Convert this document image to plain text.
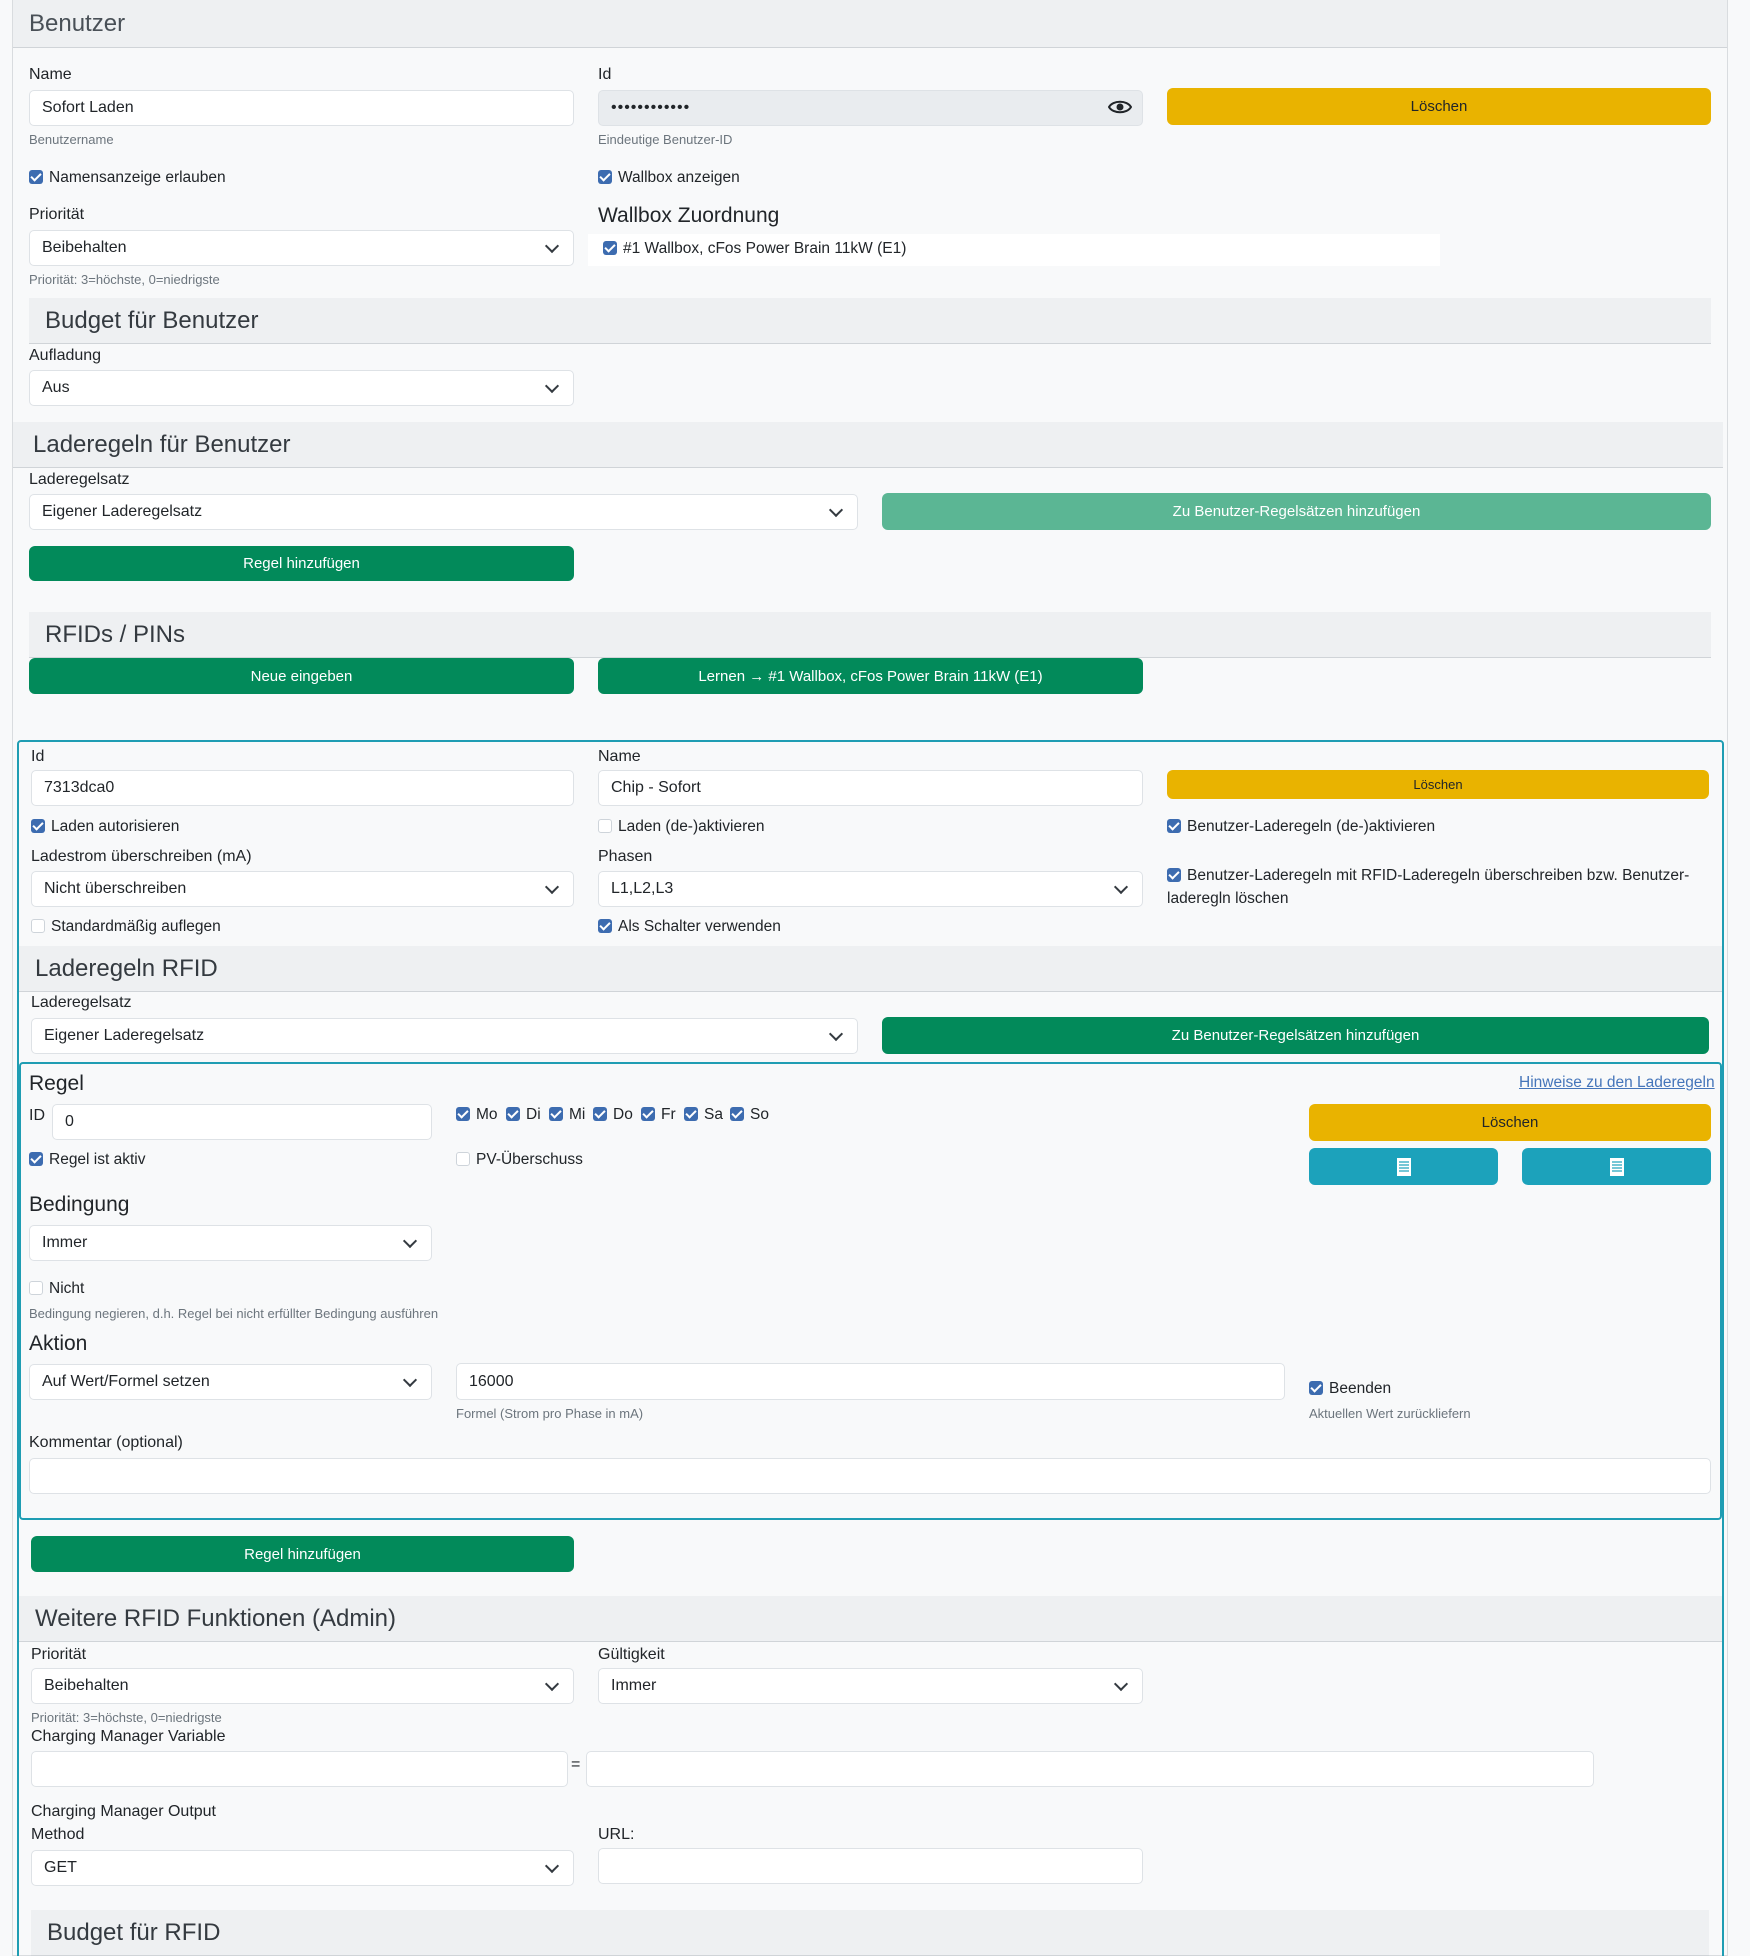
Benutzer
Name
Sofort Laden
Benutzername
Id
••••••••••••
Eindeutige Benutzer-ID
Löschen
Namensanzeige erlauben	Wallbox anzeigen
Priorität
Beibehalten
Priorität: 3=höchste, 0=niedrigste
Wallbox Zuordnung
#1 Wallbox, cFos Power Brain 11kW (E1)
Budget für Benutzer
Aufladung
Aus
Laderegeln für Benutzer
Laderegelsatz
Eigener Laderegelsatz	Zu Benutzer-Regelsätzen hinzufügen
Regel hinzufügen
RFIDs / PINs
Neue eingeben	Lernen → #1 Wallbox, cFos Power Brain 11kW (E1)
Id
7313dca0
Name
Chip - Sofort	Löschen
Laden autorisieren	Laden (de-)aktivieren	Benutzer-Laderegeln (de-)aktivieren
Ladestrom überschreiben (mA)
Nicht überschreiben
Phasen
L1,L2,L3
Benutzer-Laderegeln mit RFID-Laderegeln überschreiben bzw. Benutzer-laderegln löschen
Standardmäßig auflegen	Als Schalter verwenden
Laderegeln RFID
Laderegelsatz
Eigener Laderegelsatz	Zu Benutzer-Regelsätzen hinzufügen
Regel	Hinweise zu den Laderegeln
ID	0	Mo	Di	Mi	Do	Fr	Sa	So	Löschen
Regel ist aktiv	PV-Überschuss
Bedingung
Immer
Nicht
Bedingung negieren, d.h. Regel bei nicht erfüllter Bedingung ausführen
Aktion
Auf Wert/Formel setzen	16000
Formel (Strom pro Phase in mA)
Beenden
Aktuellen Wert zurückliefern
Kommentar (optional)
Regel hinzufügen
Weitere RFID Funktionen (Admin)
Priorität
Beibehalten
Priorität: 3=höchste, 0=niedrigste
Gültigkeit
Immer
Charging Manager Variable
=
Charging Manager Output
Method
GET
URL:
Budget für RFID
